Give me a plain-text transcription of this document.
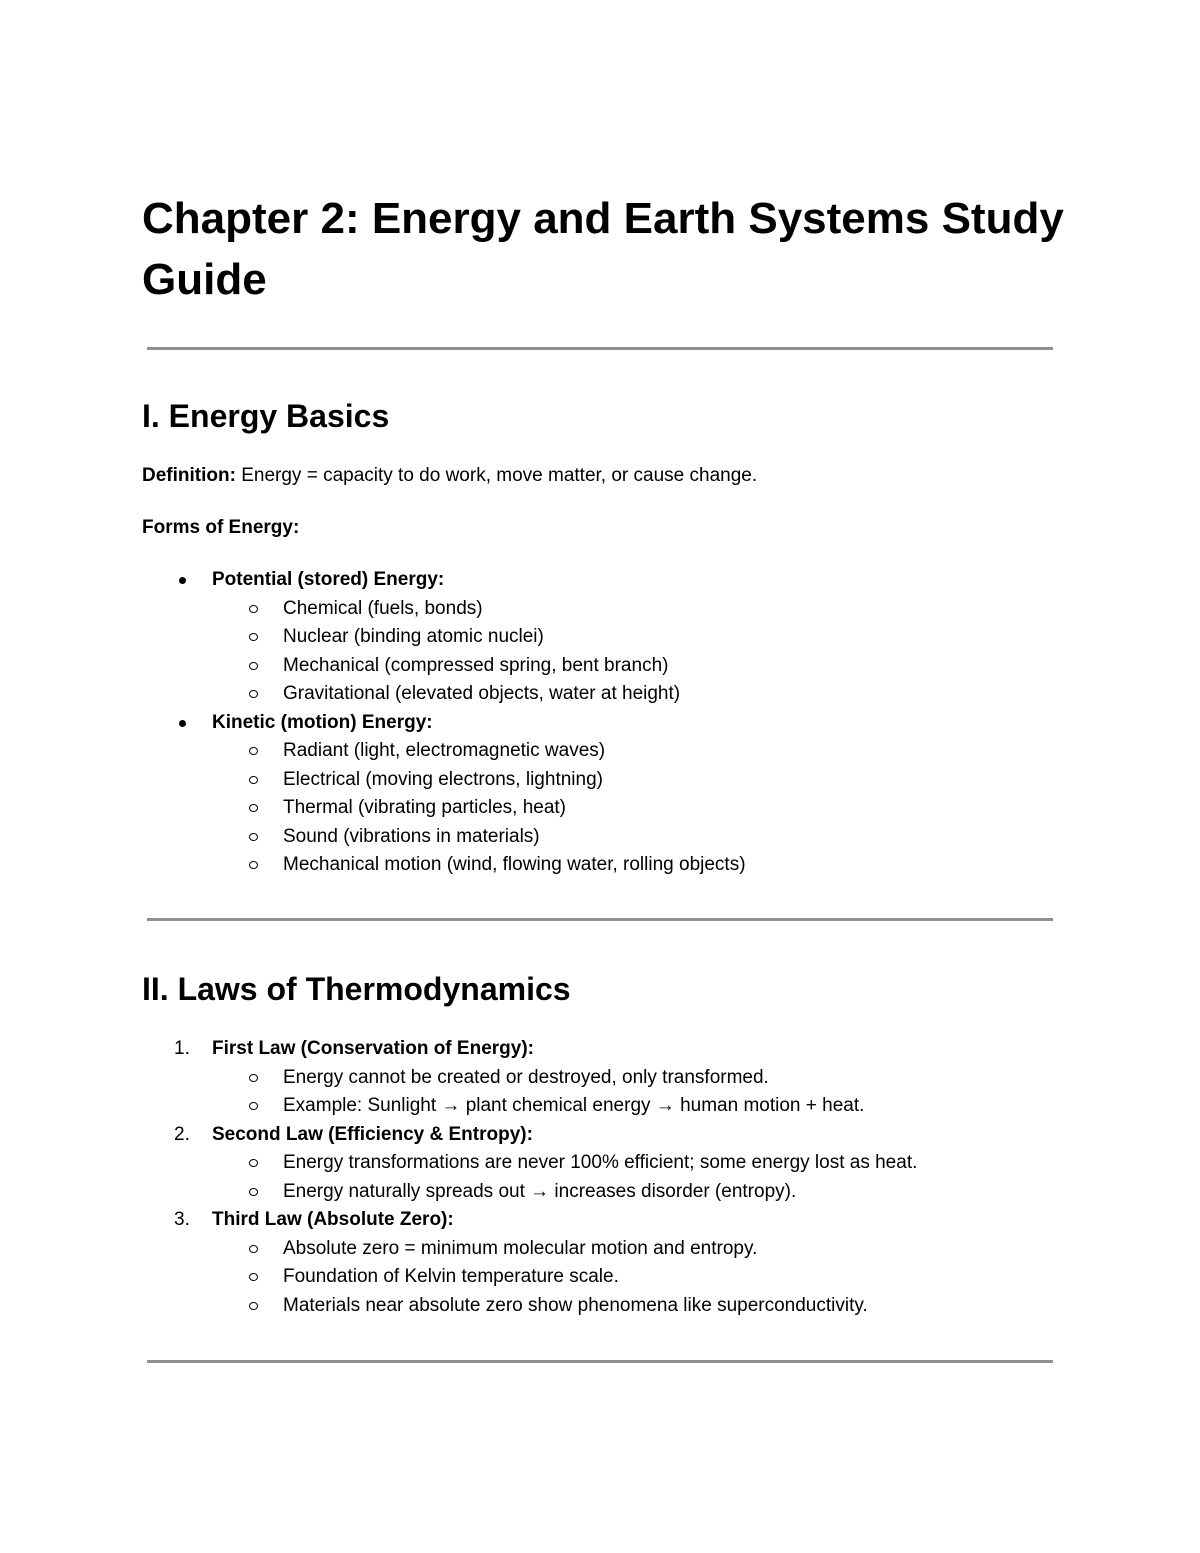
Chapter 2: Energy and Earth Systems Study Guide
I. Energy Basics

Definition: Energy = capacity to do work, move matter, or cause change.

Forms of Energy:

Potential (stored) Energy:
Chemical (fuels, bonds)
Nuclear (binding atomic nuclei)
Mechanical (compressed spring, bent branch)
Gravitational (elevated objects, water at height)
Kinetic (motion) Energy:
Radiant (light, electromagnetic waves)
Electrical (moving electrons, lightning)
Thermal (vibrating particles, heat)
Sound (vibrations in materials)
Mechanical motion (wind, flowing water, rolling objects)
II. Laws of Thermodynamics
1. First Law (Conservation of Energy):
Energy cannot be created or destroyed, only transformed.
Example: Sunlight → plant chemical energy → human motion + heat.
2. Second Law (Efficiency & Entropy):
Energy transformations are never 100% efficient; some energy lost as heat.
Energy naturally spreads out → increases disorder (entropy).
3. Third Law (Absolute Zero):
Absolute zero = minimum molecular motion and entropy.
Foundation of Kelvin temperature scale.
Materials near absolute zero show phenomena like superconductivity.
